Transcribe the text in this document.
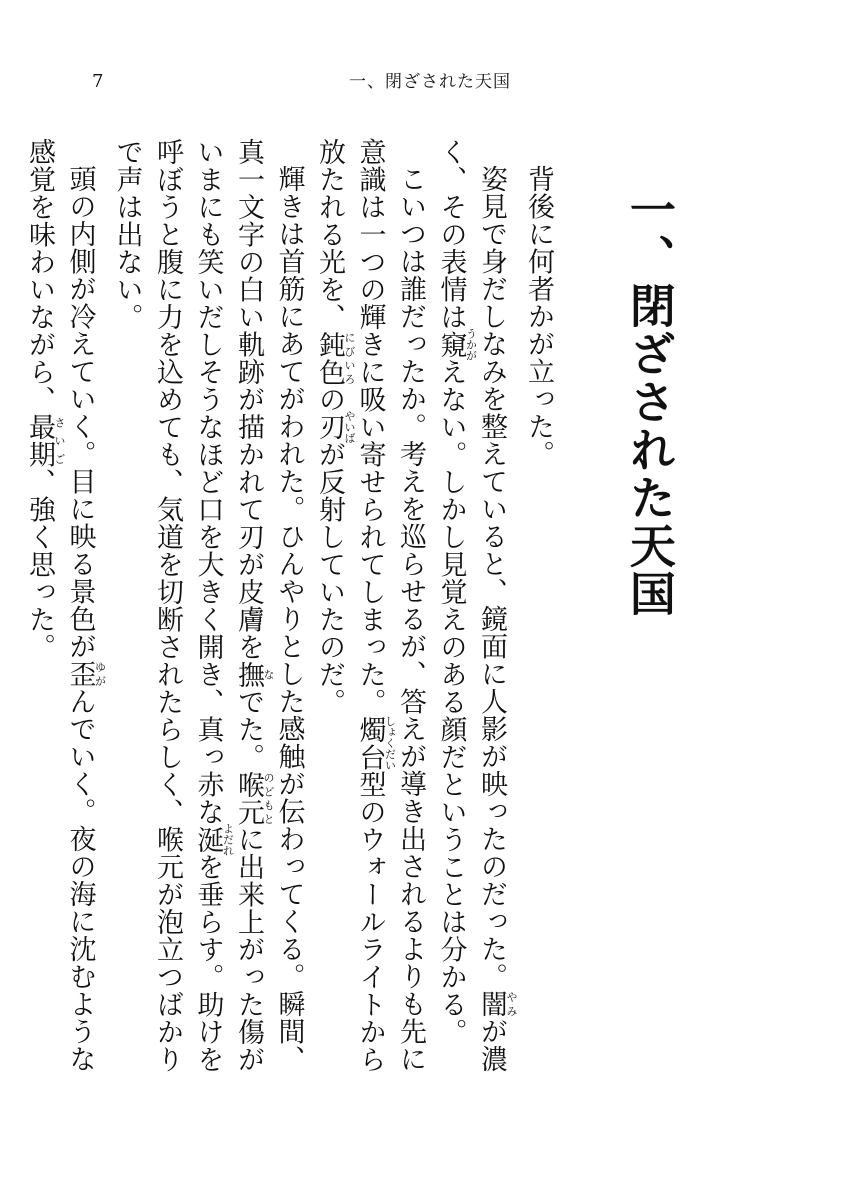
7	一、閉ざされた天国
一、閉ざされた天国

背後に何者かが立った。

姿見で身だしなみを整えていると、鏡面に人影が映ったのだった。闇やみが濃く、その表情は窺うかがえない。しかし見覚えのある顔だということは分かる。

こいつは誰だったか。考えを巡らせるが、答えが導き出されるよりも先に意識は一つの輝きに吸い寄せられてしまった。燭台しょくだい型のウォールライトから放たれる光を、鈍色にびいろの刃やいばが反射していたのだ。

輝きは首筋にあてがわれた。ひんやりとした感触が伝わってくる。瞬間、真一文字の白い軌跡が描かれて刃が皮膚を撫なでた。喉元のどもとに出来上がった傷がいまにも笑いだしそうなほど口を大きく開き、真っ赤な涎よだれを垂らす。助けを呼ぼうと腹に力を込めても、気道を切断されたらしく、喉元が泡立つばかりで声は出ない。

頭の内側が冷えていく。目に映る景色が歪ゆがんでいく。夜の海に沈むような感覚を味わいながら、最期さいご、強く思った。
